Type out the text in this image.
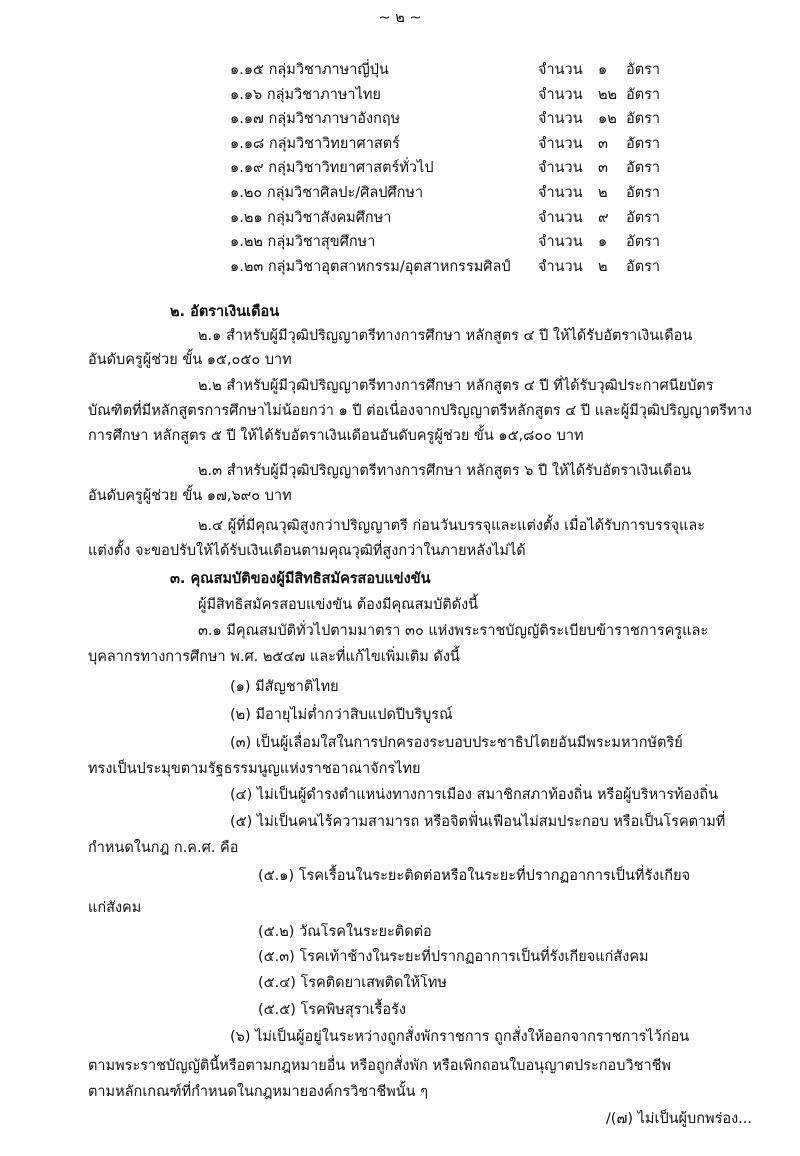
~ ๒ ~
๑.๑๕ กลุ่มวิชาภาษาญี่ปุ่น	จำนวน ๑ อัตรา
๑.๑๖ กลุ่มวิชาภาษาไทย	จำนวน ๒๒ อัตรา
๑.๑๗ กลุ่มวิชาภาษาอังกฤษ	จำนวน ๑๒ อัตรา
๑.๑๘ กลุ่มวิชาวิทยาศาสตร์	จำนวน ๓ อัตรา
๑.๑๙ กลุ่มวิชาวิทยาศาสตร์ทั่วไป	จำนวน ๓ อัตรา
๑.๒๐ กลุ่มวิชาศิลปะ/ศิลปศึกษา	จำนวน ๒ อัตรา
๑.๒๑ กลุ่มวิชาสังคมศึกษา	จำนวน ๙ อัตรา
๑.๒๒ กลุ่มวิชาสุขศึกษา	จำนวน ๑ อัตรา
๑.๒๓ กลุ่มวิชาอุตสาหกรรม/อุตสาหกรรมศิลป์ จำนวน ๒ อัตรา
๒. อัตราเงินเดือน
๒.๑ สำหรับผู้มีวุฒิปริญญาตรีทางการศึกษา หลักสูตร ๔ ปี ให้ได้รับอัตราเงินเดือน
อันดับครูผู้ช่วย ขั้น ๑๕,๐๕๐ บาท
๒.๒ สำหรับผู้มีวุฒิปริญญาตรีทางการศึกษา หลักสูตร ๔ ปี ที่ได้รับวุฒิประกาศนียบัตร
บัณฑิตที่มีหลักสูตรการศึกษาไม่น้อยกว่า ๑ ปี ต่อเนื่องจากปริญญาตรีหลักสูตร ๔ ปี และผู้มีวุฒิปริญญาตรีทาง
การศึกษา หลักสูตร ๕ ปี ให้ได้รับอัตราเงินเดือนอันดับครูผู้ช่วย ขั้น ๑๕,๘๐๐ บาท
๒.๓ สำหรับผู้มีวุฒิปริญญาตรีทางการศึกษา หลักสูตร ๖ ปี ให้ได้รับอัตราเงินเดือน
อันดับครูผู้ช่วย ขั้น ๑๗,๖๙๐ บาท
๒.๔ ผู้ที่มีคุณวุฒิสูงกว่าปริญญาตรี ก่อนวันบรรจุและแต่งตั้ง เมื่อได้รับการบรรจุและ
แต่งตั้ง จะขอปรับให้ได้รับเงินเดือนตามคุณวุฒิที่สูงกว่าในภายหลังไม่ได้
๓. คุณสมบัติของผู้มีสิทธิสมัครสอบแข่งขัน
ผู้มีสิทธิสมัครสอบแข่งขัน ต้องมีคุณสมบัติดังนี้
๓.๑ มีคุณสมบัติทั่วไปตามมาตรา ๓๐ แห่งพระราชบัญญัติระเบียบข้าราชการครูและ
บุคลากรทางการศึกษา พ.ศ. ๒๕๔๗ และที่แก้ไขเพิ่มเติม ดังนี้
(๑) มีสัญชาติไทย
(๒) มีอายุไม่ต่ำกว่าสิบแปดปีบริบูรณ์
(๓) เป็นผู้เลื่อมใสในการปกครองระบอบประชาธิปไตยอันมีพระมหากษัตริย์
ทรงเป็นประมุขตามรัฐธรรมนูญแห่งราชอาณาจักรไทย
(๔) ไม่เป็นผู้ดำรงตำแหน่งทางการเมือง สมาชิกสภาท้องถิ่น หรือผู้บริหารท้องถิ่น
(๕) ไม่เป็นคนไร้ความสามารถ หรือจิตฟั่นเฟือนไม่สมประกอบ หรือเป็นโรคตามที่
กำหนดในกฎ ก.ค.ศ. คือ
(๕.๑) โรคเรื้อนในระยะติดต่อหรือในระยะที่ปรากฏอาการเป็นที่รังเกียจ
แก่สังคม
(๕.๒) วัณโรคในระยะติดต่อ
(๕.๓) โรคเท้าช้างในระยะที่ปรากฏอาการเป็นที่รังเกียจแก่สังคม
(๕.๔) โรคติดยาเสพติดให้โทษ
(๕.๕) โรคพิษสุราเรื้อรัง
(๖) ไม่เป็นผู้อยู่ในระหว่างถูกสั่งพักราชการ ถูกสั่งให้ออกจากราชการไว้ก่อน
ตามพระราชบัญญัตินี้หรือตามกฎหมายอื่น หรือถูกสั่งพัก หรือเพิกถอนใบอนุญาตประกอบวิชาชีพ
ตามหลักเกณฑ์ที่กำหนดในกฎหมายองค์กรวิชาชีพนั้น ๆ
/(๗) ไม่เป็นผู้บกพร่อง...
